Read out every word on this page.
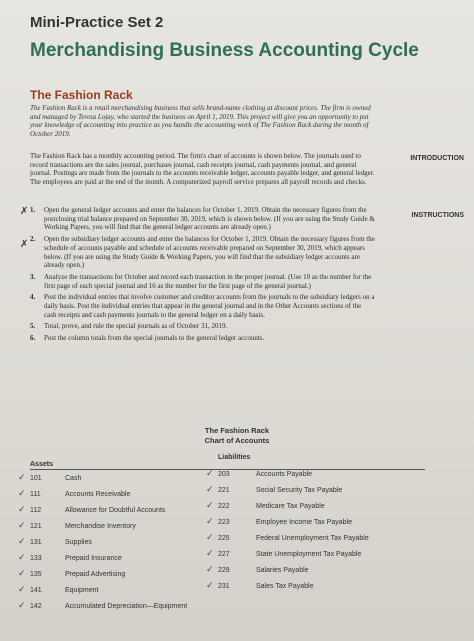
Mini-Practice Set 2
Merchandising Business Accounting Cycle
The Fashion Rack
The Fashion Rack is a retail merchandising business that sells brand-name clothing at discount prices. The firm is owned and managed by Teresa Lojay, who started the business on April 1, 2019. This project will give you an opportunity to put your knowledge of accounting into practice as you handle the accounting work of The Fashion Rack during the month of October 2019.
The Fashion Rack has a monthly accounting period. The firm's chart of accounts is shown below. The journals used to record transactions are the sales journal, purchases journal, cash receipts journal, cash payments journal, and general journal. Postings are made from the journals to the accounts receivable ledger, accounts payable ledger, and general ledger. The employees are paid at the end of the month. A computerized payroll service prepares all payroll records and checks.
INTRODUCTION
INSTRUCTIONS
1. Open the general ledger accounts and enter the balances for October 1, 2019. Obtain the necessary figures from the postclosing trial balance prepared on September 30, 2019, which is shown below. (If you are using the Study Guide & Working Papers, you will find that the general ledger accounts are already open.)
2. Open the subsidiary ledger accounts and enter the balances for October 1, 2019. Obtain the necessary figures from the schedule of accounts payable and schedule of accounts receivable prepared on September 30, 2019, which appears below. (If you are using the Study Guide & Working Papers, you will find that the subsidiary ledger accounts are already open.)
3. Analyze the transactions for October and record each transaction in the proper journal. (Use 10 as the number for the first page of each special journal and 16 as the number for the first page of the general journal.)
4. Post the individual entries that involve customer and creditor accounts from the journals to the subsidiary ledgers on a daily basis. Post the individual entries that appear in the general journal and in the Other Accounts sections of the cash receipts and cash payments journals to the general ledger on a daily basis.
5. Total, prove, and rule the special journals as of October 31, 2019.
6. Post the column totals from the special journals to the general ledger accounts.
✗
✗
The Fashion Rack
Chart of Accounts
Assets
Liabilities
✓ 101	Cash
✓ 111	Accounts Receivable
✓ 112	Allowance for Doubtful Accounts
✓ 121	Merchandise Inventory
✓ 131	Supplies
✓ 133	Prepaid Insurance
✓ 135	Prepaid Advertising
✓ 141	Equipment
✓ 142	Accumulated Depreciation—Equipment
✓ 203	Accounts Payable
✓ 221	Social Security Tax Payable
✓ 222	Medicare Tax Payable
✓ 223	Employee Income Tax Payable
✓ 225	Federal Unemployment Tax Payable
✓ 227	State Unemployment Tax Payable
✓ 229	Salaries Payable
✓ 231	Sales Tax Payable
